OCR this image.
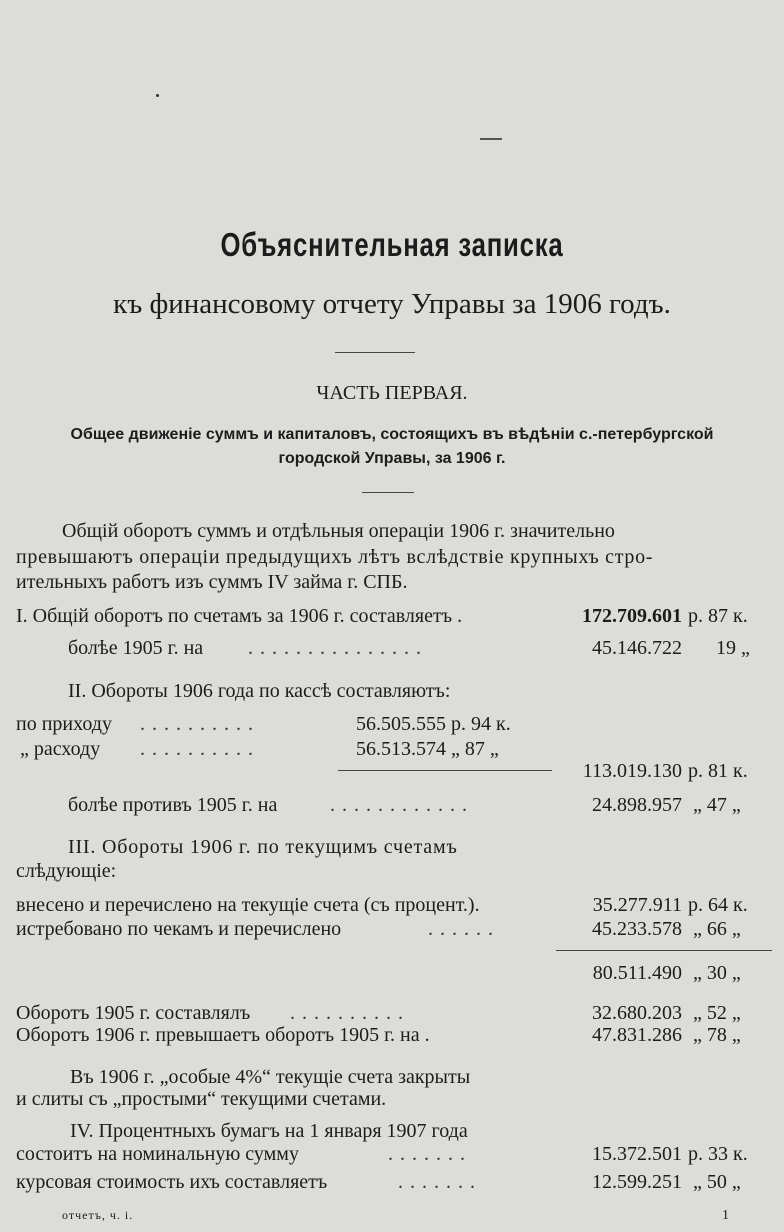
Объяснительная записка
къ финансовому отчету Управы за 1906 годъ.
ЧАСТЬ ПЕРВАЯ.
Общее движенiе суммъ и капиталовъ, состоящихъ въ вѣдѣнiи с.-петербургской
городской Управы, за 1906 г.
Общiй оборотъ суммъ и отдѣльныя операцiи 1906 г. значительно
превышаютъ операцiи предыдущихъ лѣтъ вслѣдствiе крупныхъ стро-
ительныхъ работъ изъ суммъ IV займа г. СПБ.
I. Общiй оборотъ по счетамъ за 1906 г. составляетъ .	172.709.601 р. 87 к.
болѣе 1905 г. на ...............	45.146.722 19 „
II. Обороты 1906 года по кассѣ составляютъ:
по приходу ..........	56.505.555 р. 94 к.
„ расходу ..........	56.513.574 „ 87 „
113.019.130 р. 81 к.
болѣе противъ 1905 г. на	............	24.898.957 „ 47 „
III. Обороты 1906 г. по текущимъ счетамъ
слѣдующiе:
внесено и перечислено на текущiе счета (съ процент.).	35.277.911 р. 64 к.
истребовано по чекамъ и перечислено	......	45.233.578 „ 66 „
80.511.490 „ 30 „
Оборотъ 1905 г. составлялъ ..........	32.680.203 „ 52 „
Оборотъ 1906 г. превышаетъ оборотъ 1905 г. на .	47.831.286 „ 78 „
Въ 1906 г. „особые 4%“ текущiе счета закрыты
и слиты съ „простыми“ текущими счетами.
IV. Процентныхъ бумагъ на 1 января 1907 года
состоитъ на номинальную сумму	.......	15.372.501 р. 33 к.
курсовая стоимость ихъ составляетъ	.......	12.599.251 „ 50 „
отчетъ, ч. i.	1
